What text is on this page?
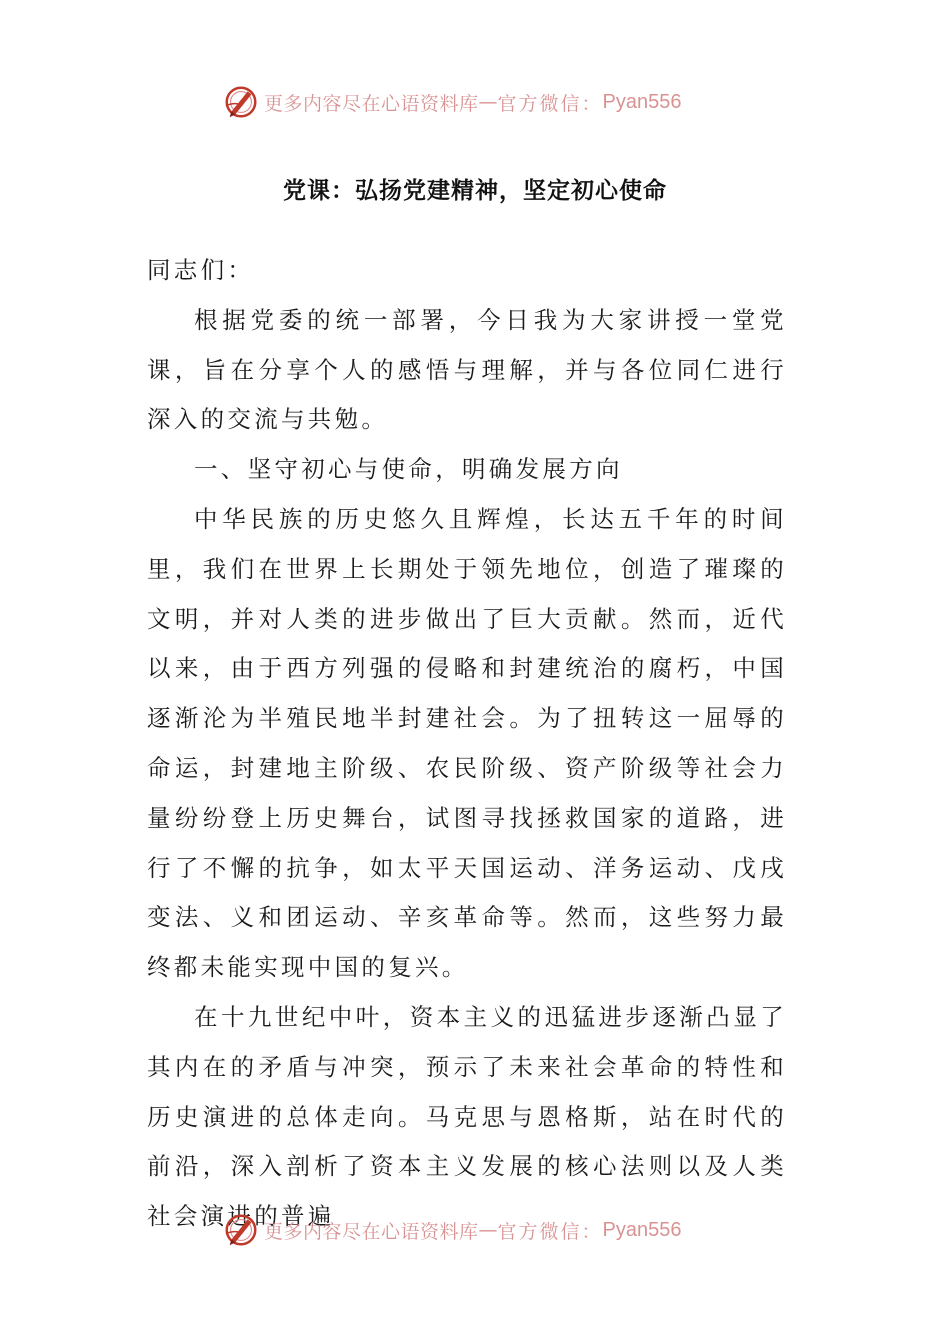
更多内容尽在心语资料库 — 官方微信： Pyan556
党课：弘扬党建精神，坚定初心使命

同志们：

根据党委的统一部署，今日我为大家讲授一堂党课，旨在分享个人的感悟与理解，并与各位同仁进行深入的交流与共勉。

一、坚守初心与使命，明确发展方向

中华民族的历史悠久且辉煌，长达五千年的时间里，我们在世界上长期处于领先地位，创造了璀璨的文明，并对人类的进步做出了巨大贡献。然而，近代以来，由于西方列强的侵略和封建统治的腐朽，中国逐渐沦为半殖民地半封建社会。为了扭转这一屈辱的命运，封建地主阶级、农民阶级、资产阶级等社会力量纷纷登上历史舞台，试图寻找拯救国家的道路，进行了不懈的抗争，如太平天国运动、洋务运动、戊戌变法、义和团运动、辛亥革命等。然而，这些努力最终都未能实现中国的复兴。

在十九世纪中叶，资本主义的迅猛进步逐渐凸显了其内在的矛盾与冲突，预示了未来社会革命的特性和历史演进的总体走向。马克思与恩格斯，站在时代的前沿，深入剖析了资本主义发展的核心法则以及人类社会演进的普遍

更多内容尽在心语资料库 — 官方微信： Pyan556
